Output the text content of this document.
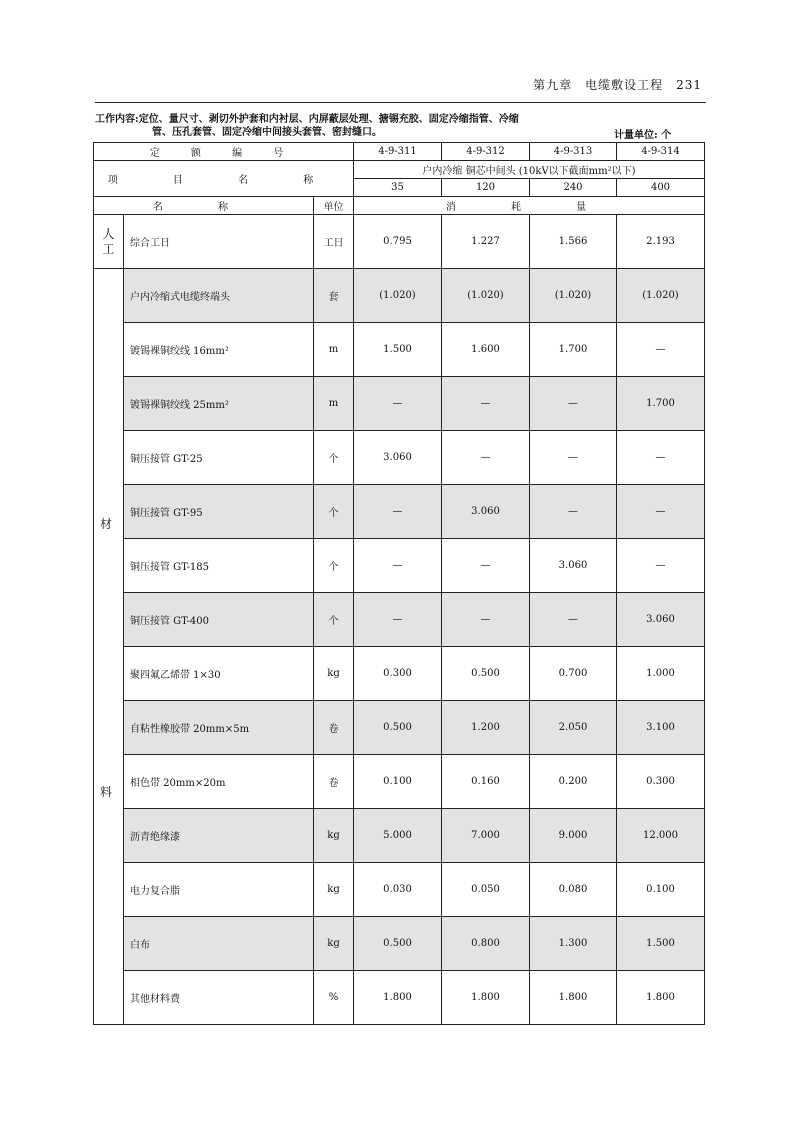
第九章　电缆敷设工程　231
工作内容:定位、量尺寸、剥切外护套和内衬层、内屏蔽层处理、搪锡充胶、固定冷缩指管、冷缩
管、压孔套管、固定冷缩中间接头套管、密封缝口。	计量单位: 个
定 额 编 号			4-9-311	4-9-312	4-9-313	4-9-314
项 目 名 称			户内冷缩 铜芯中间头 (10kV以下截面mm²以下)			
			35	120	240	400
名 称		单位	消 耗 量			

人
工	综合工日	工日	0.795	1.227	1.566	2.193

材
料	户内冷缩式电缆终端头	套	(1.020)	(1.020)	(1.020)	(1.020)
	镀锡裸铜绞线 16mm²	m	1.500	1.600	1.700	—
	镀锡裸铜绞线 25mm²	m	—	—	—	1.700
	铜压接管 GT-25	个	3.060	—	—	—
	铜压接管 GT-95	个	—	3.060	—	—
	铜压接管 GT-185	个	—	—	3.060	—
	铜压接管 GT-400	个	—	—	—	3.060
	聚四氟乙烯带 1×30	kg	0.300	0.500	0.700	1.000
	自粘性橡胶带 20mm×5m	卷	0.500	1.200	2.050	3.100
	相色带 20mm×20m	卷	0.100	0.160	0.200	0.300
	沥青绝缘漆	kg	5.000	7.000	9.000	12.000
	电力复合脂	kg	0.030	0.050	0.080	0.100
	白布	kg	0.500	0.800	1.300	1.500
	其他材料费	%	1.800	1.800	1.800	1.800
